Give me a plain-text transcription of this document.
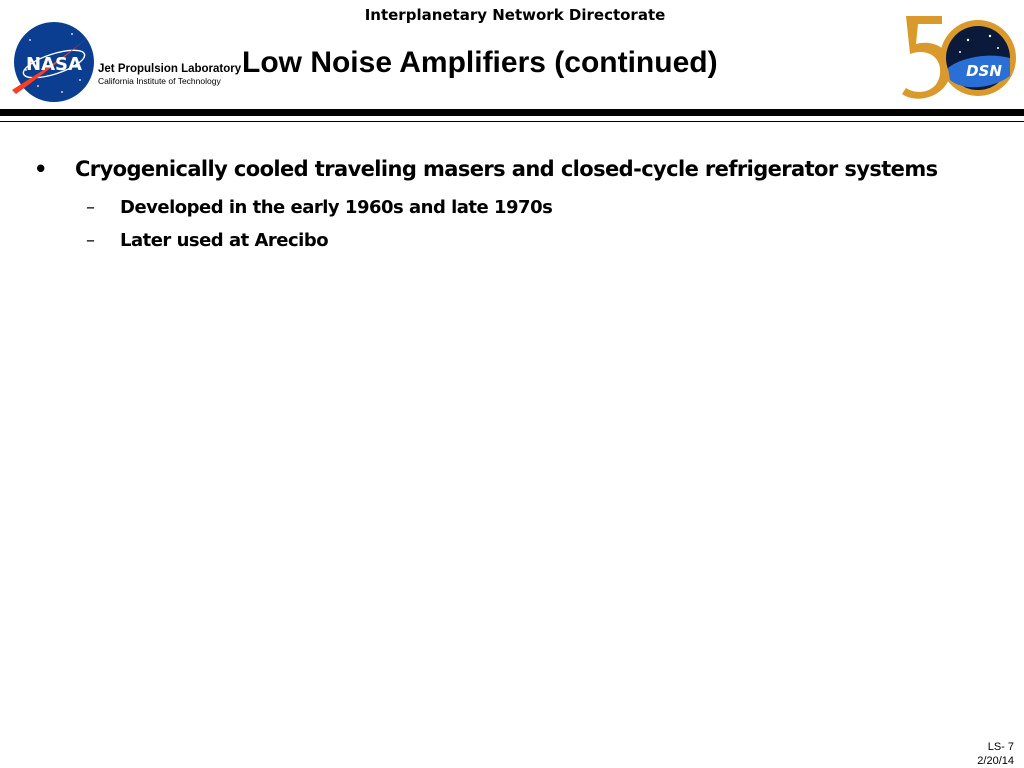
Interplanetary Network Directorate
NASA Jet Propulsion Laboratory
California Institute of Technology
Low Noise Amplifiers (continued)	DSN
• Cryogenically cooled traveling masers and closed-cycle refrigerator systems
– Developed in the early 1960s and late 1970s
– Later used at Arecibo
LS- 7
2/20/14
